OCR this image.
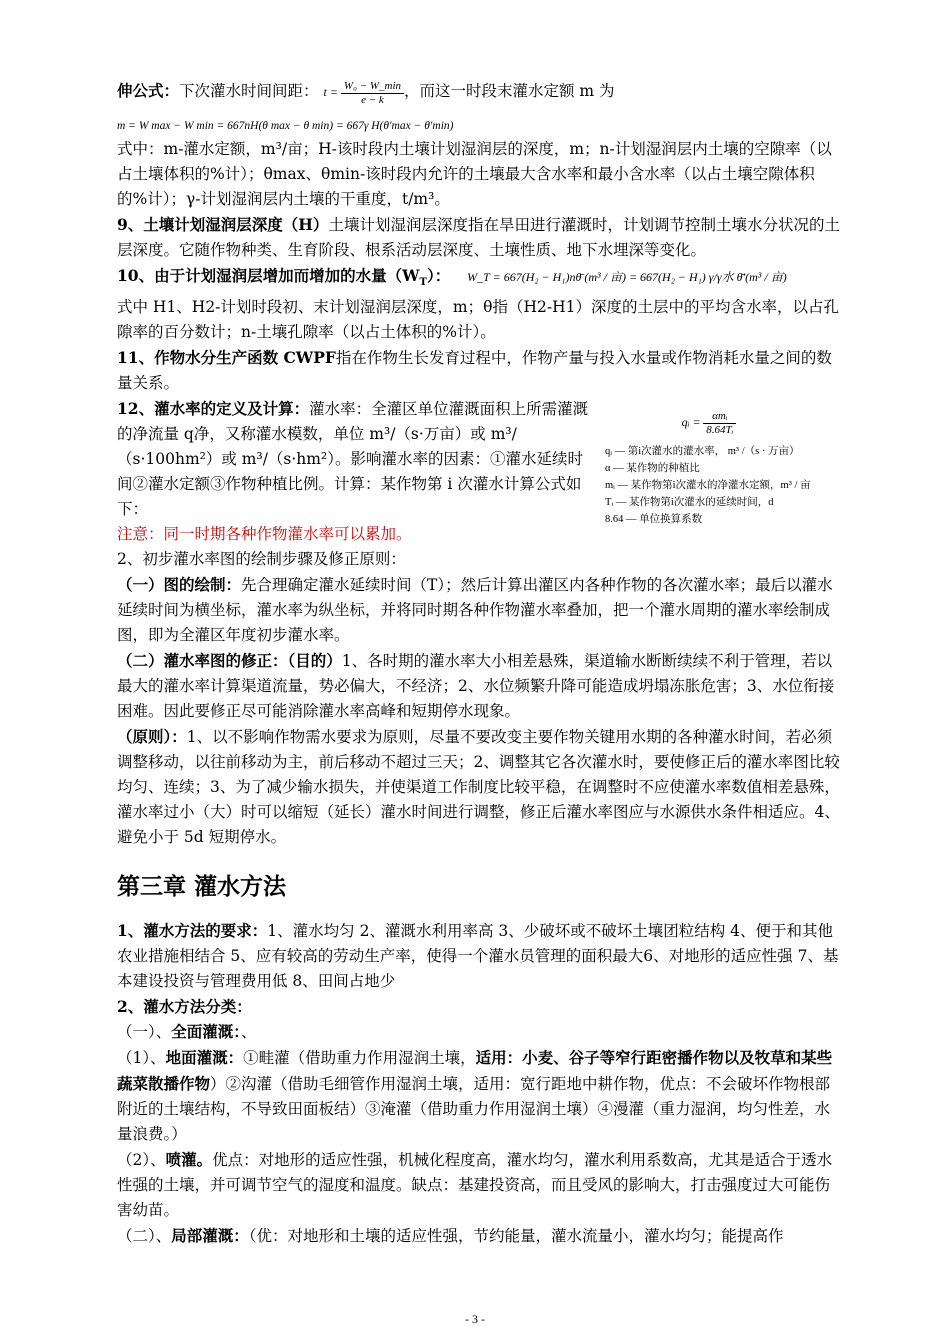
伸公式：下次灌水时间间距： $t = \frac{\text{W₀ − W\_min}}{e - k}$ ，而这一时段末灌水定额 m 为

m = W max − W min = 667nH(θ max − θ min) = 667γ H(θ′max − θ′min)

式中：m-灌水定额，m³/亩；H-该时段内土壤计划湿润层的深度，m；n-计划湿润层内土壤的空隙率（以占土壤体积的%计）；θmax、θmin-该时段内允许的土壤最大含水率和最小含水率（以占土壤空隙体积的%计）；γ-计划湿润层内土壤的干重度，t/m³。

9、土壤计划湿润层深度（H）土壤计划湿润层深度指在旱田进行灌溉时，计划调节控制土壤水分状况的土层深度。它随作物种类、生育阶段、根系活动层深度、土壤性质、地下水埋深等变化。

10、由于计划湿润层增加而增加的水量$(W_T)$： W_T = 667(H₂ − H₁)nθ̄ (m³ / 亩) = 667(H₂ − H₁) γ/γ水 θ̄′(m³ / 亩)

式中 H1、H2-计划时段初、末计划湿润层深度，m；θ指（H2-H1）深度的土层中的平均含水率，以占孔隙率的百分数计；n-土壤孔隙率（以占土体积的%计）。

11、作物水分生产函数 CWPF指在作物生长发育过程中，作物产量与投入水量或作物消耗水量之间的数量关系。

12、灌水率的定义及计算：灌水率：全灌区单位灌溉面积上所需灌溉的净流量 q净，又称灌水模数，单位 m³/（s·万亩）或 m³/（s·100hm²）或 m³/（s·hm²）。影响灌水率的因素：①灌水延续时间②灌水定额③作物种植比例。计算：某作物第 i 次灌水计算公式如下：

注意：同一时期各种作物灌水率可以累加。

qᵢ = $\frac{\text{αmᵢ}}{\text{8.64Tᵢ}}$
qᵢ — 第i次灌水的灌水率， m³ /（s · 万亩）
α — 某作物的种植比
mᵢ — 某作物第i次灌水的净灌水定额，m³ / 亩
Tᵢ — 某作物第i次灌水的延续时间，d
8.64 — 单位换算系数

2、初步灌水率图的绘制步骤及修正原则：

（一）图的绘制：先合理确定灌水延续时间（T）；然后计算出灌区内各种作物的各次灌水率；最后以灌水延续时间为横坐标，灌水率为纵坐标，并将同时期各种作物灌水率叠加，把一个灌水周期的灌水率绘制成图，即为全灌区年度初步灌水率。

（二）灌水率图的修正：（目的）1、各时期的灌水率大小相差悬殊，渠道输水断断续续不利于管理，若以最大的灌水率计算渠道流量，势必偏大，不经济；2、水位频繁升降可能造成坍塌冻胀危害；3、水位衔接困难。因此要修正尽可能消除灌水率高峰和短期停水现象。

（原则）：1、以不影响作物需水要求为原则，尽量不要改变主要作物关键用水期的各种灌水时间，若必须调整移动，以往前移动为主，前后移动不超过三天；2、调整其它各次灌水时，要使修正后的灌水率图比较均匀、连续；3、为了减少输水损失，并使渠道工作制度比较平稳，在调整时不应使灌水率数值相差悬殊，灌水率过小（大）时可以缩短（延长）灌水时间进行调整，修正后灌水率图应与水源供水条件相适应。4、避免小于 5d 短期停水。

第三章 灌水方法

1、灌水方法的要求：1、灌水均匀 2、灌溉水利用率高 3、少破坏或不破坏土壤团粒结构 4、便于和其他农业措施相结合 5、应有较高的劳动生产率，使得一个灌水员管理的面积最大6、对地形的适应性强 7、基本建设投资与管理费用低 8、田间占地少

2、灌水方法分类：

（一）、全面灌溉：、

（1）、地面灌溉：①畦灌（借助重力作用湿润土壤，适用：小麦、谷子等窄行距密播作物以及牧草和某些蔬菜散播作物）②沟灌（借助毛细管作用湿润土壤，适用：宽行距地中耕作物，优点：不会破坏作物根部附近的土壤结构，不导致田面板结）③淹灌（借助重力作用湿润土壤）④漫灌（重力湿润，均匀性差，水量浪费。）

（2）、喷灌。优点：对地形的适应性强，机械化程度高，灌水均匀，灌水利用系数高，尤其是适合于透水性强的土壤，并可调节空气的湿度和温度。缺点：基建投资高，而且受风的影响大，打击强度过大可能伤害幼苗。

（二）、局部灌溉：（优：对地形和土壤的适应性强，节约能量，灌水流量小，灌水均匀；能提高作

- 3 -
